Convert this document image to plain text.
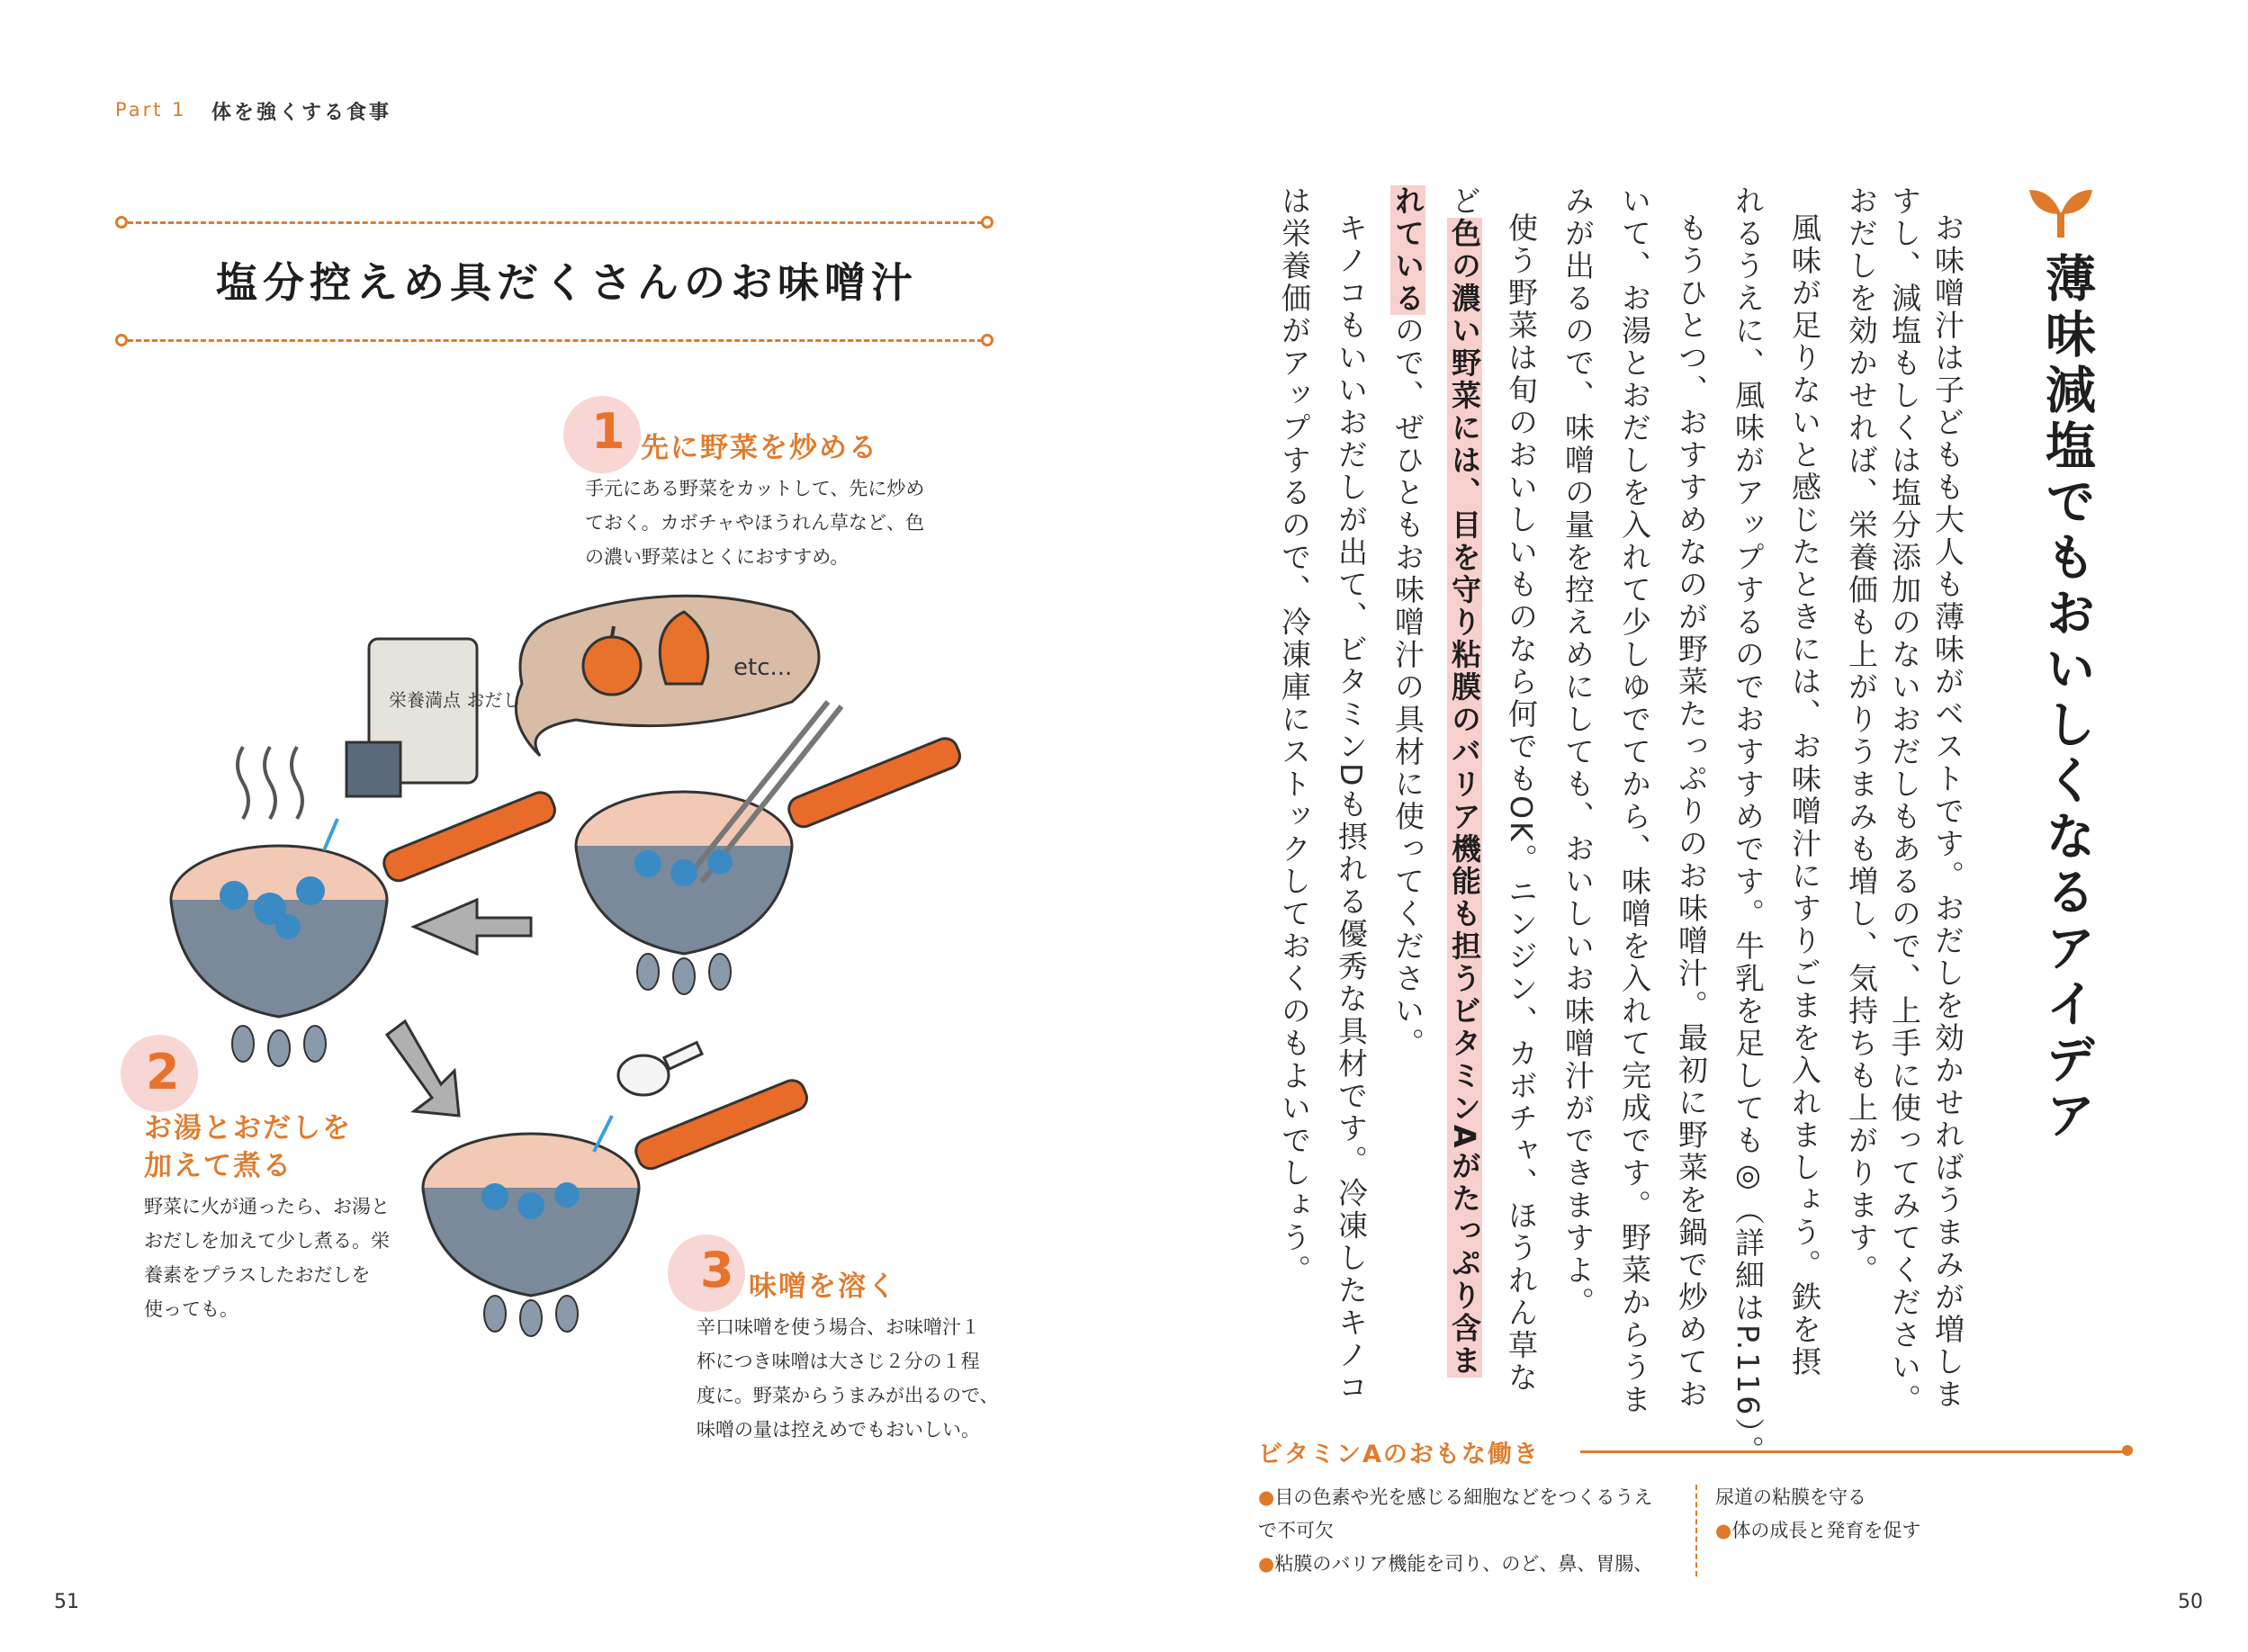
Part 1 体を強くする食事
塩分控えめ具だくさんのお味噌汁
1 先に野菜を炒める
手元にある野菜をカットして、先に炒め
ておく。カボチャやほうれん草など、色
の濃い野菜はとくにおすすめ。
2
お湯とおだしを
加えて煮る
野菜に火が通ったら、お湯と
おだしを加えて少し煮る。栄
養素をプラスしたおだしを
使っても。
3 味噌を溶く
辛口味噌を使う場合、お味噌汁１
杯につき味噌は大さじ２分の１程
度に。野菜からうまみが出るので、
味噌の量は控えめでもおいしい。
etc...
栄養満点 おだし
51
薄味減塩でもおいしくなるアイデア
お味噌汁は子どもも大人も薄味がベストです。おだしを効かせればうまみが増しま
すし、減塩もしくは塩分添加のないおだしもあるので、上手に使ってみてください。
おだしを効かせれば、栄養価も上がりうまみも増し、気持ちも上がります。
風味が足りないと感じたときには、お味噌汁にすりごまを入れましょう。鉄を摂
れるうえに、風味がアップするのでおすすめです。牛乳を足しても◎（詳細はP.116）。
もうひとつ、おすすめなのが野菜たっぷりのお味噌汁。最初に野菜を鍋で炒めてお
いて、お湯とおだしを入れて少しゆでてから、味噌を入れて完成です。野菜からうま
みが出るので、味噌の量を控えめにしても、おいしいお味噌汁ができますよ。
使う野菜は旬のおいしいものなら何でもOK。ニンジン、カボチャ、ほうれん草な
ど色の濃い野菜には、目を守り粘膜のバリア機能も担うビタミンAがたっぷり含ま
れているので、ぜひともお味噌汁の具材に使ってください。
キノコもいいおだしが出て、ビタミンDも摂れる優秀な具材です。冷凍したキノコ
は栄養価がアップするので、冷凍庫にストックしておくのもよいでしょう。
ビタミンAのおもな働き
●目の色素や光を感じる細胞などをつくるうえ
で不可欠
●粘膜のバリア機能を司り、のど、鼻、胃腸、
尿道の粘膜を守る
●体の成長と発育を促す
50
